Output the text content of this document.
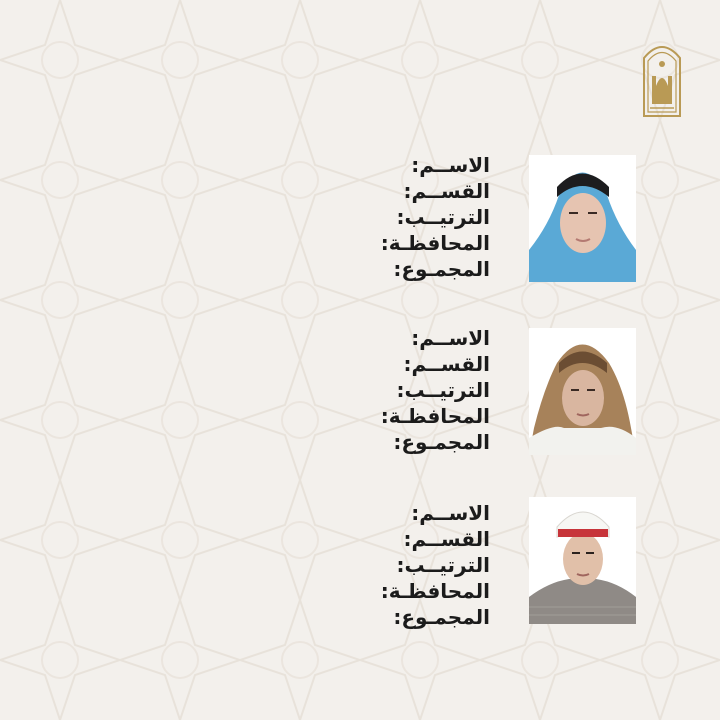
الاســم:
القســم:
الترتيــب:
المحافظـة:
المجمـوع:
الاســم:
القســم:
الترتيــب:
المحافظـة:
المجمـوع:
الاســم:
القســم:
الترتيــب:
المحافظـة:
المجمـوع:
